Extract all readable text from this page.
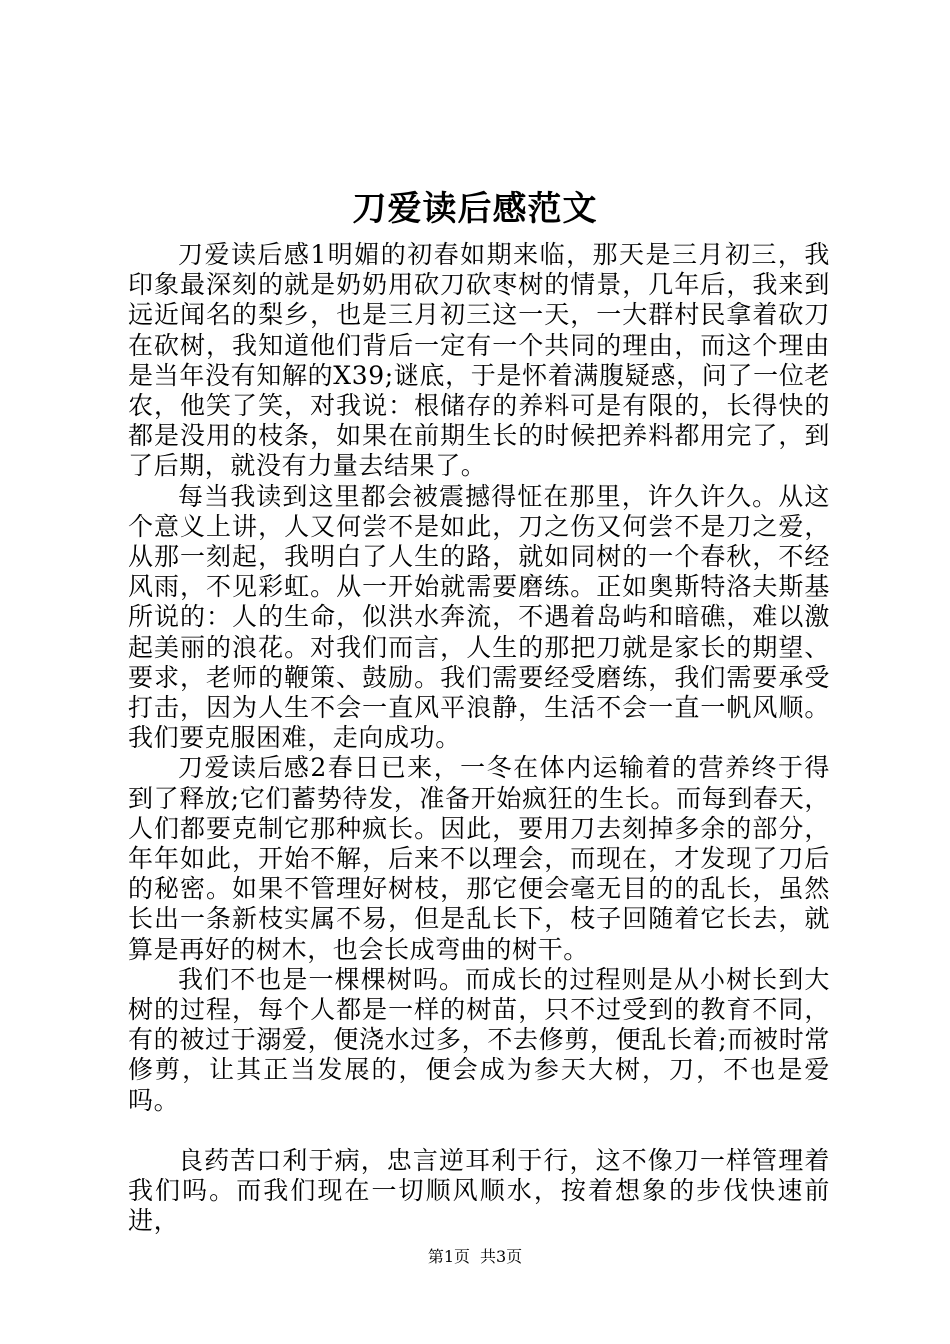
刀爱读后感范文

刀爱读后感1明媚的初春如期来临，那天是三月初三，我印象最深刻的就是奶奶用砍刀砍枣树的情景，几年后，我来到远近闻名的梨乡，也是三月初三这一天，一大群村民拿着砍刀在砍树，我知道他们背后一定有一个共同的理由，而这个理由是当年没有知解的X39;谜底，于是怀着满腹疑惑，问了一位老农，他笑了笑，对我说：根储存的养料可是有限的，长得快的都是没用的枝条，如果在前期生长的时候把养料都用完了，到了后期，就没有力量去结果了。

每当我读到这里都会被震撼得怔在那里，许久许久。从这个意义上讲，人又何尝不是如此，刀之伤又何尝不是刀之爱，从那一刻起，我明白了人生的路，就如同树的一个春秋，不经风雨，不见彩虹。从一开始就需要磨练。正如奥斯特洛夫斯基所说的：人的生命，似洪水奔流，不遇着岛屿和暗礁，难以激起美丽的浪花。对我们而言，人生的那把刀就是家长的期望、要求，老师的鞭策、鼓励。我们需要经受磨练，我们需要承受打击，因为人生不会一直风平浪静，生活不会一直一帆风顺。我们要克服困难，走向成功。

刀爱读后感2春日已来，一冬在体内运输着的营养终于得到了释放;它们蓄势待发，准备开始疯狂的生长。而每到春天，人们都要克制它那种疯长。因此，要用刀去刻掉多余的部分，年年如此，开始不解，后来不以理会，而现在，才发现了刀后的秘密。如果不管理好树枝，那它便会毫无目的的乱长，虽然长出一条新枝实属不易，但是乱长下，枝子回随着它长去，就算是再好的树木，也会长成弯曲的树干。

我们不也是一棵棵树吗。而成长的过程则是从小树长到大树的过程，每个人都是一样的树苗，只不过受到的教育不同，有的被过于溺爱，便浇水过多，不去修剪，便乱长着;而被时常修剪，让其正当发展的，便会成为参天大树，刀，不也是爱吗。

良药苦口利于病，忠言逆耳利于行，这不像刀一样管理着我们吗。而我们现在一切顺风顺水，按着想象的步伐快速前进，

第1页 共3页
